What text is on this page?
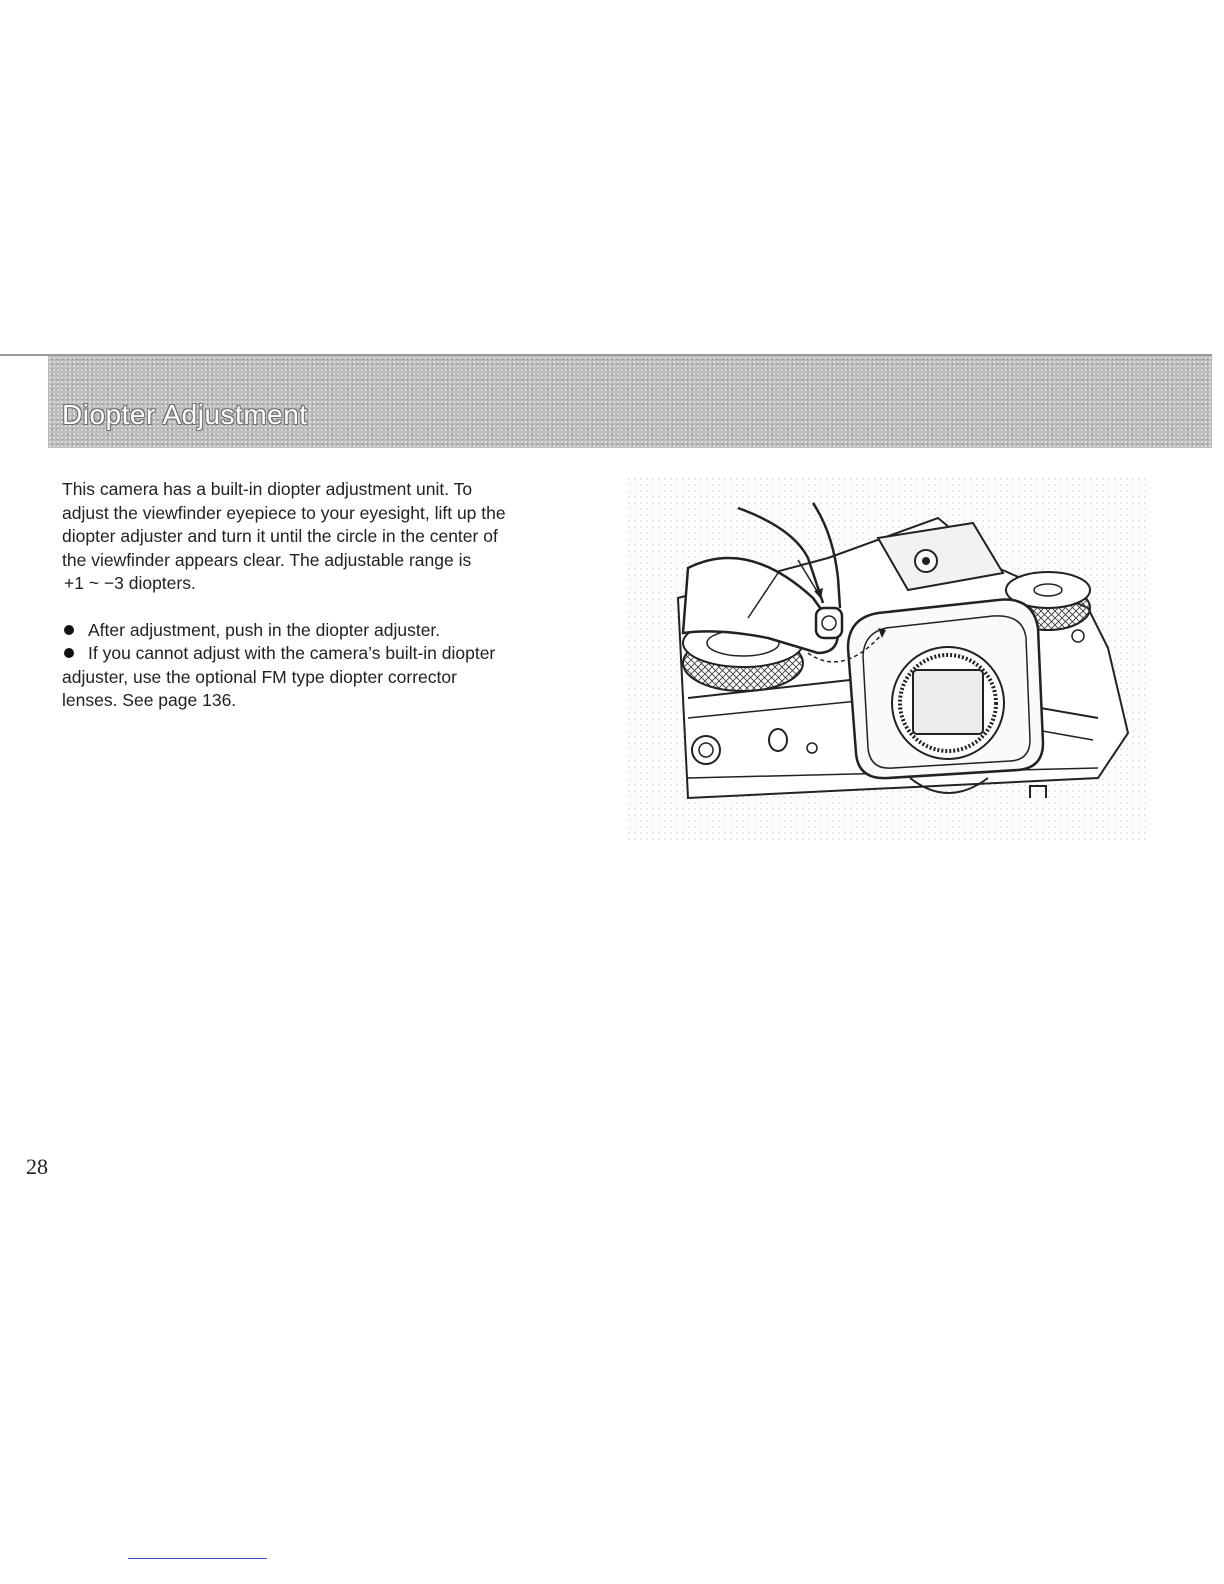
Diopter Adjustment

This camera has a built-in diopter adjustment unit. To

adjust the viewfinder eyepiece to your eyesight, lift up the

diopter adjuster and turn it until the circle in the center of

the viewfinder appears clear. The adjustable range is

+1 ~ −3 diopters.

After adjustment, push in the diopter adjuster.

If you cannot adjust with the camera’s built-in diopter

adjuster, use the optional FM type diopter corrector

lenses. See page 136.

28
